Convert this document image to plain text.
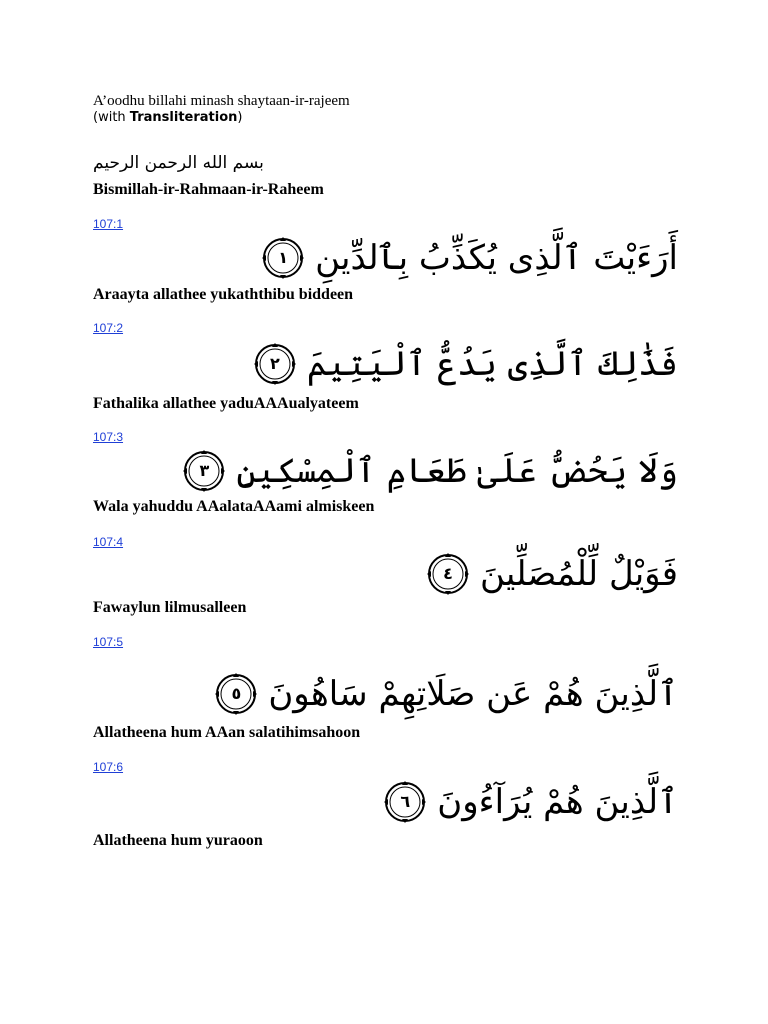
A’oodhu billahi minash shaytaan-ir-rajeem
(with Transliteration)
بسم الله الرحمن الرحيم
Bismillah-ir-Rahmaan-ir-Raheem
107:1
١ أَرَءَيْتَ ٱلَّذِى يُكَذِّبُ بِٱلدِّينِ
Araayta allathee yukaththibu biddeen
107:2
٢ فَذَٰلِكَ ٱلَّذِى يَدُعُّ ٱلْيَتِيمَ
Fathalika allathee yaduAAAualyateem
107:3
٣ وَلَا يَحُضُّ عَلَىٰ طَعَامِ ٱلْمِسْكِينِ
Wala yahuddu AAalataAAami almiskeen
107:4
٤ فَوَيْلٌ لِّلْمُصَلِّينَ
Fawaylun lilmusalleen
107:5
٥ ٱلَّذِينَ هُمْ عَن صَلَاتِهِمْ سَاهُونَ
Allatheena hum AAan salatihimsahoon
107:6
٦ ٱلَّذِينَ هُمْ يُرَآءُونَ
Allatheena hum yuraoon
